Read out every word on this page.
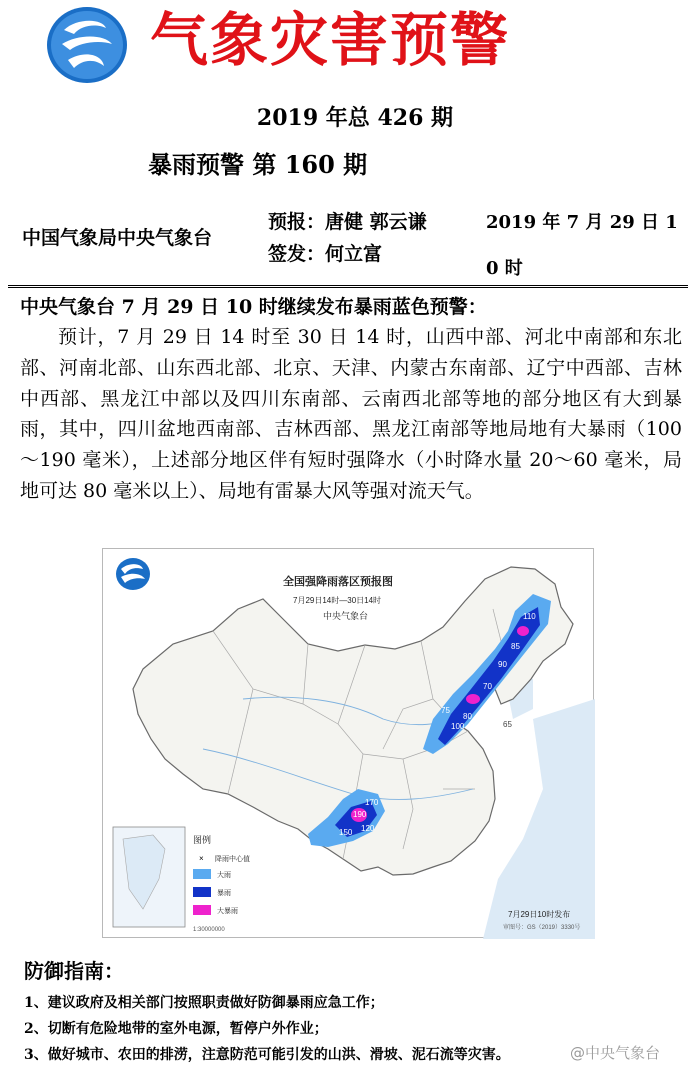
气象灾害预警
2019 年总 426 期
暴雨预警 第 160 期
中国气象局中央气象台
预报：唐健 郭云谦
签发：何立富
2019 年 7 月 29 日 10 时
中央气象台 7 月 29 日 10 时继续发布暴雨蓝色预警：
预计，7 月 29 日 14 时至 30 日 14 时，山西中部、河北中南部和东北部、河南北部、山东西北部、北京、天津、内蒙古东南部、辽宁中西部、吉林中西部、黑龙江中部以及四川东南部、云南西北部等地的部分地区有大到暴雨，其中，四川盆地西南部、吉林西部、黑龙江南部等地局地有大暴雨（100～190 毫米），上述部分地区伴有短时强降水（小时降水量 20～60 毫米，局地可达 80 毫米以上）、局地有雷暴大风等强对流天气。
75
100
80
70
90
85
65
110
170
190
120
150
全国强降雨落区预报图
7月29日14时—30日14时
中央气象台
图例
× 降雨中心值
大雨
暴雨
大暴雨
1:30000000
7月29日10时发布
审图号：GS（2019）3330号
防御指南：
1、建议政府及相关部门按照职责做好防御暴雨应急工作；
2、切断有危险地带的室外电源，暂停户外作业；
3、做好城市、农田的排涝，注意防范可能引发的山洪、滑坡、泥石流等灾害。	@中央气象台
